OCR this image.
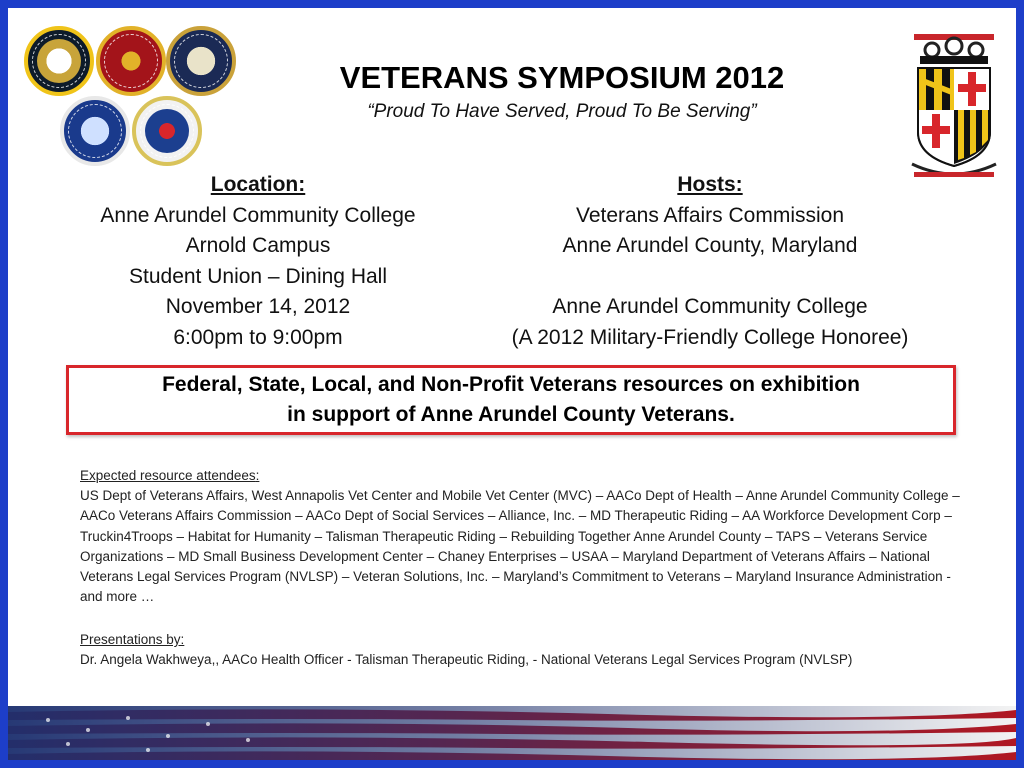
VETERANS SYMPOSIUM 2012

“Proud To Have Served, Proud To Be Serving”

Location:
Anne Arundel Community College
Arnold Campus
Student Union – Dining Hall
November 14, 2012
6:00pm to 9:00pm
Hosts:
Veterans Affairs Commission
Anne Arundel County, Maryland

Anne Arundel Community College
(A 2012 Military-Friendly College Honoree)
Federal, State, Local, and Non-Profit Veterans resources on exhibition
in support of Anne Arundel County Veterans.
Expected resource attendees:
US Dept of Veterans Affairs, West Annapolis Vet Center and Mobile Vet Center (MVC) – AACo Dept of Health – Anne Arundel Community College – AACo Veterans Affairs Commission – AACo Dept of Social Services – Alliance, Inc. – MD Therapeutic Riding – AA Workforce Development Corp – Truckin4Troops – Habitat for Humanity – Talisman Therapeutic Riding – Rebuilding Together Anne Arundel County – TAPS – Veterans Service Organizations – MD Small Business Development Center – Chaney Enterprises – USAA – Maryland Department of Veterans Affairs – National Veterans Legal Services Program (NVLSP) – Veteran Solutions, Inc. – Maryland’s Commitment to Veterans – Maryland Insurance Administration - and more …
Presentations by:
Dr. Angela Wakhweya,, AACo Health Officer - Talisman Therapeutic Riding, - National Veterans Legal Services Program (NVLSP)
